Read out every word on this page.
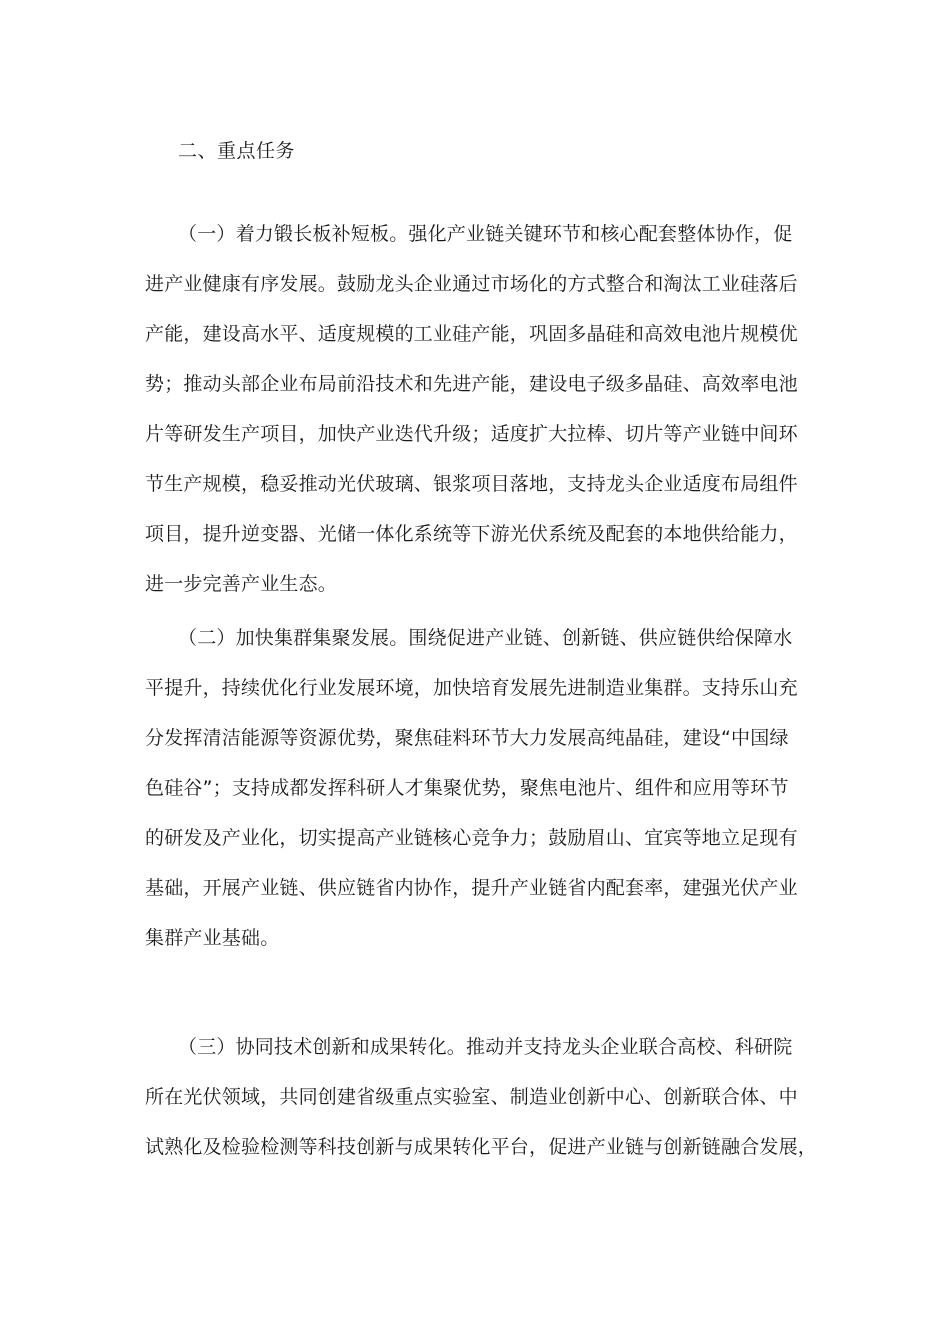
二、重点任务
（一）着力锻长板补短板。强化产业链关键环节和核心配套整体协作，促
进产业健康有序发展。鼓励龙头企业通过市场化的方式整合和淘汰工业硅落后
产能，建设高水平、适度规模的工业硅产能，巩固多晶硅和高效电池片规模优
势；推动头部企业布局前沿技术和先进产能，建设电子级多晶硅、高效率电池
片等研发生产项目，加快产业迭代升级；适度扩大拉棒、切片等产业链中间环
节生产规模，稳妥推动光伏玻璃、银浆项目落地，支持龙头企业适度布局组件
项目，提升逆变器、光储一体化系统等下游光伏系统及配套的本地供给能力，
进一步完善产业生态。
（二）加快集群集聚发展。围绕促进产业链、创新链、供应链供给保障水
平提升，持续优化行业发展环境，加快培育发展先进制造业集群。支持乐山充
分发挥清洁能源等资源优势，聚焦硅料环节大力发展高纯晶硅，建设“中国绿
色硅谷”；支持成都发挥科研人才集聚优势，聚焦电池片、组件和应用等环节
的研发及产业化，切实提高产业链核心竞争力；鼓励眉山、宜宾等地立足现有
基础，开展产业链、供应链省内协作，提升产业链省内配套率，建强光伏产业
集群产业基础。
（三）协同技术创新和成果转化。推动并支持龙头企业联合高校、科研院
所在光伏领域，共同创建省级重点实验室、制造业创新中心、创新联合体、中
试熟化及检验检测等科技创新与成果转化平台，促进产业链与创新链融合发展，
